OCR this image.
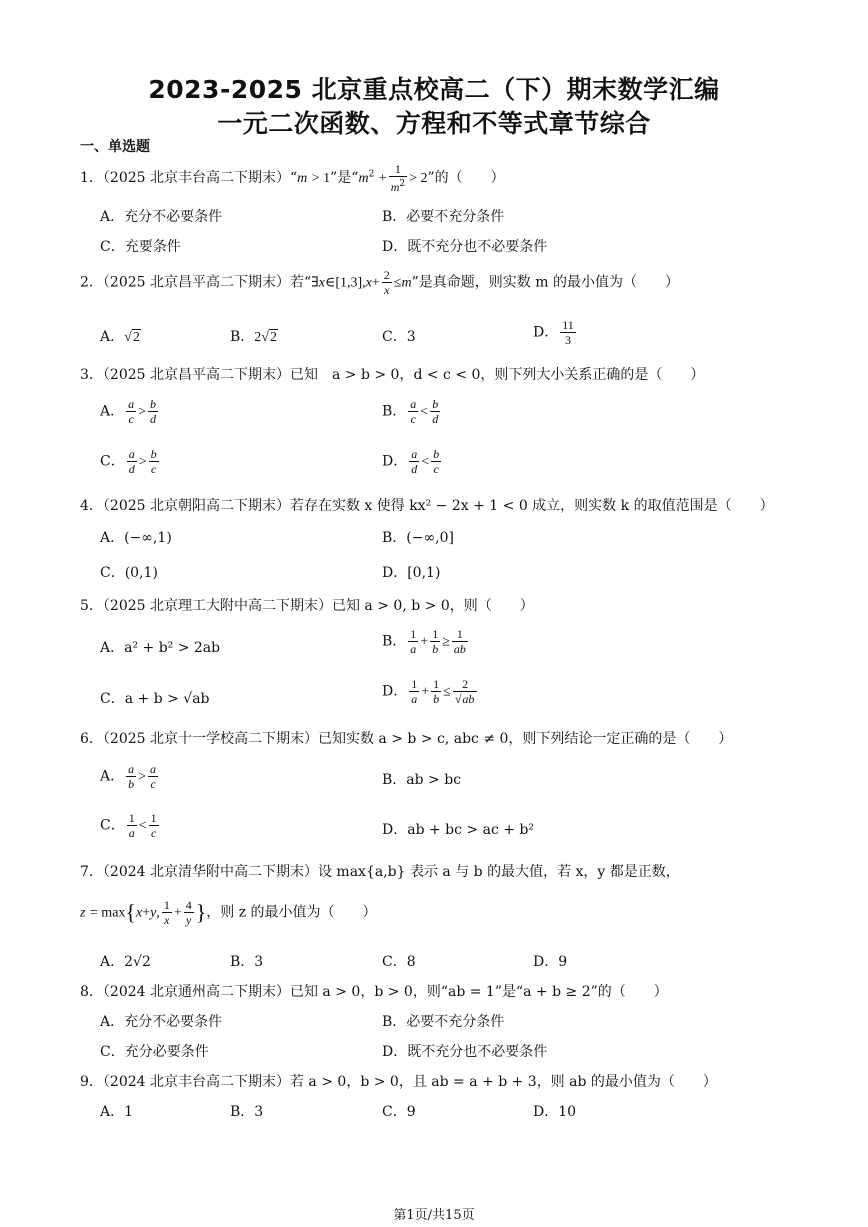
2023-2025 北京重点校高二（下）期末数学汇编
一元二次函数、方程和不等式章节综合
一、单选题
1．（2025 北京丰台高二下期末）“m > 1”是“$m^2 + \frac{1}{m^2} > 2$”的（　　）
A．充分不必要条件	B．必要不充分条件
C．充要条件	D．既不充分也不必要条件
2．（2025 北京昌平高二下期末）若“∃x∈[1,3],x+ $\frac{2}{x} \le m$”是真命题，则实数 m 的最小值为（　　）
A．√2	B．2√2	C．3	D． $\frac{11}{3}$
3．（2025 北京昌平高二下期末）已知　a > b > 0，d < c < 0，则下列大小关系正确的是（　　）
A． $\frac{a}{c} > \frac{b}{d}$	B． $\frac{a}{c} < \frac{b}{d}$
C． $\frac{a}{d} > \frac{b}{c}$	D． $\frac{a}{d} < \frac{b}{c}$
4．（2025 北京朝阳高二下期末）若存在实数 x 使得 kx² − 2x + 1 < 0 成立，则实数 k 的取值范围是（　　）
A．(−∞,1)	B．(−∞,0]
C．(0,1)	D．[0,1)
5．（2025 北京理工大附中高二下期末）已知 a > 0, b > 0，则（　　）
A．a² + b² > 2ab	B． $\frac{1}{a} + \frac{1}{b} \ge \frac{1}{ab}$
C．a + b > √ab	D． $\frac{1}{a} + \frac{1}{b} \le \frac{2}{√ab}$
6．（2025 北京十一学校高二下期末）已知实数 a > b > c, abc ≠ 0，则下列结论一定正确的是（　　）
A． $\frac{a}{b} > \frac{a}{c}$	B．ab > bc
C． $\frac{1}{a} < \frac{1}{c}$	D．ab + bc > ac + b²
7．（2024 北京清华附中高二下期末）设 max{a,b} 表示 a 与 b 的最大值，若 x，y 都是正数，
z = max{x+y, $\frac{1}{x} + \frac{4}{y}$ }，则 z 的最小值为（　　）
A．2√2	B．3	C．8	D．9
8．（2024 北京通州高二下期末）已知 a > 0，b > 0，则“ab = 1”是“a + b ≥ 2”的（　　）
A．充分不必要条件	B．必要不充分条件
C．充分必要条件	D．既不充分也不必要条件
9．（2024 北京丰台高二下期末）若 a > 0，b > 0，且 ab = a + b + 3，则 ab 的最小值为（　　）
A．1	B．3	C．9	D．10
第1页/共15页
